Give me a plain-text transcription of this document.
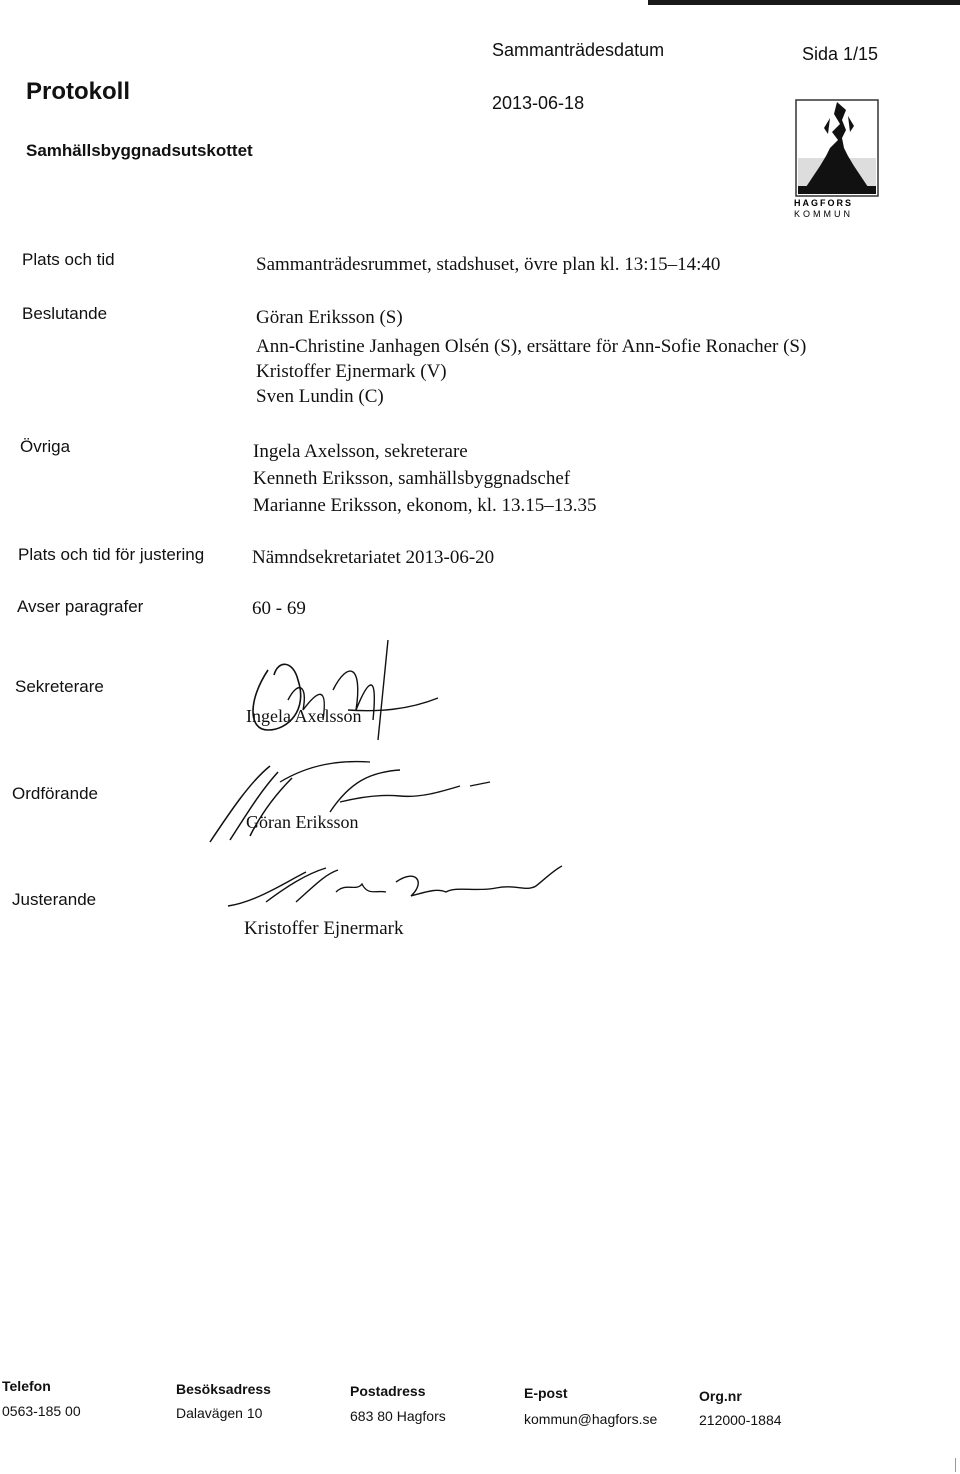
Protokoll
Samhällsbyggnadsutskottet
Sammanträdesdatum
2013-06-18
Sida 1/15
HAGFORS
KOMMUN
Plats och tid	Sammanträdesrummet, stadshuset, övre plan kl. 13:15–14:40
Beslutande	Göran Eriksson (S)
Ann-Christine Janhagen Olsén (S), ersättare för Ann-Sofie Ronacher (S)
Kristoffer Ejnermark (V)
Sven Lundin (C)
Övriga	Ingela Axelsson, sekreterare
Kenneth Eriksson, samhällsbyggnadschef
Marianne Eriksson, ekonom, kl. 13.15–13.35
Plats och tid för justering	Nämndsekretariatet 2013-06-20
Avser paragrafer	60 - 69
Sekreterare
Ingela Axelsson
Ordförande
Göran Eriksson
Justerande
Kristoffer Ejnermark
Telefon
0563-185 00
Besöksadress
Dalavägen 10
Postadress
683 80 Hagfors
E-post
kommun@hagfors.se
Org.nr
212000-1884
